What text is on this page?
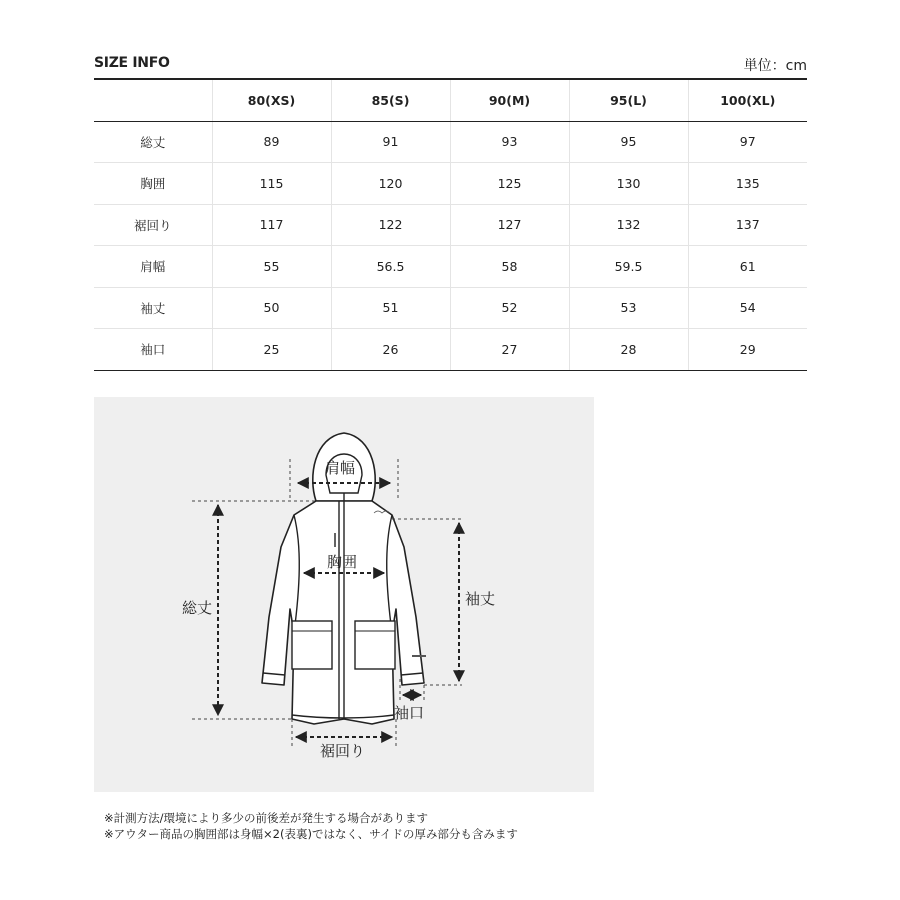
SIZE INFO	単位：cm
	80(XS)	85(S)	90(M)	95(L)	100(XL)
総丈	89	91	93	95	97
胸囲	115	120	125	130	135
裾回り	117	122	127	132	137
肩幅	55	56.5	58	59.5	61
袖丈	50	51	52	53	54
袖口	25	26	27	28	29
肩幅
胸囲
総丈	袖丈
袖口
裾回り
※計測方法/環境により多少の前後差が発生する場合があります
※アウター商品の胸囲部は身幅×2(表裏)ではなく、サイドの厚み部分も含みます
